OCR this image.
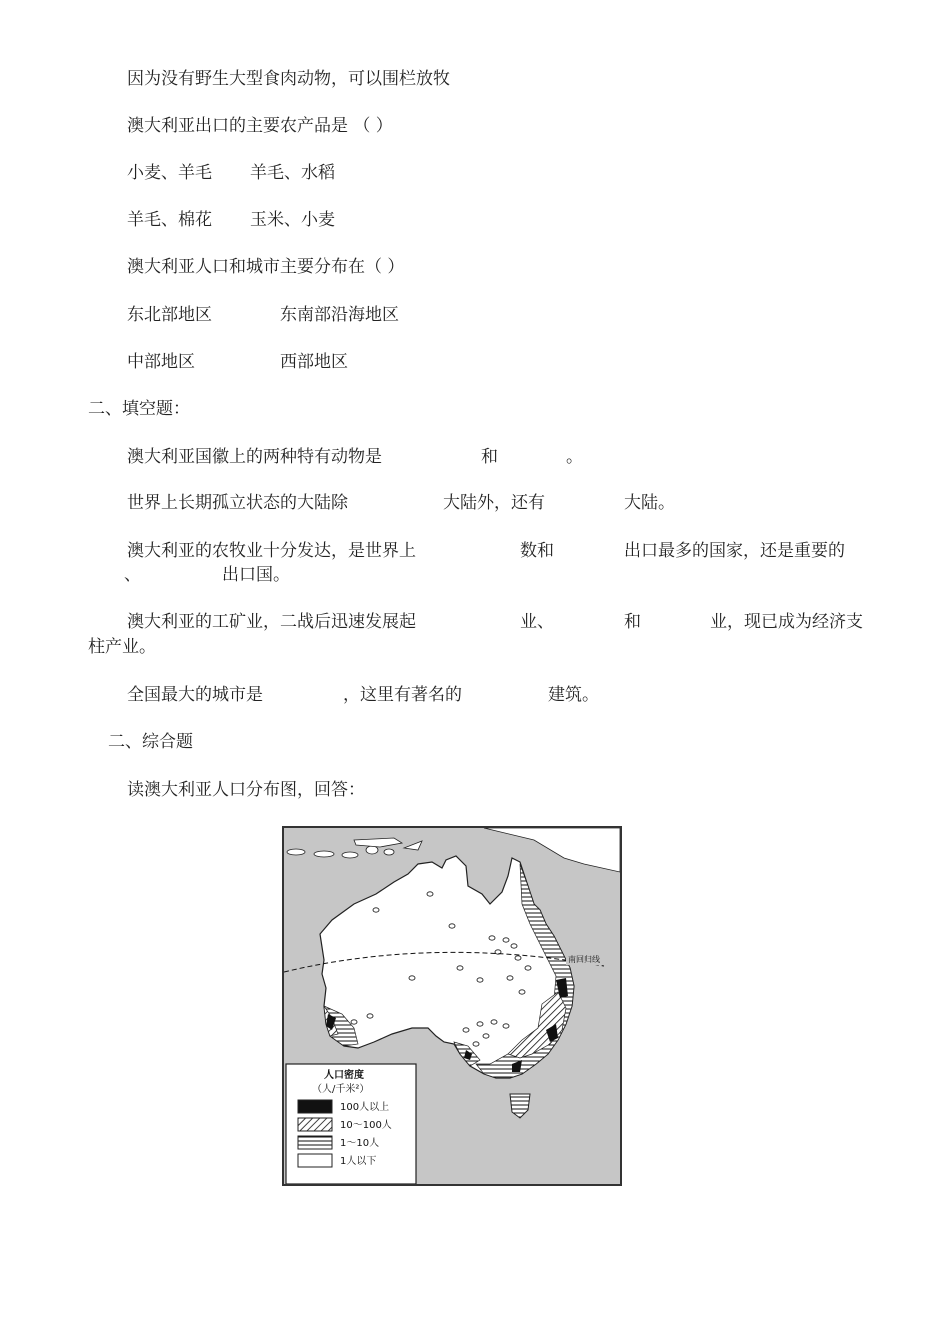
因为没有野生大型食肉动物，可以围栏放牧
澳大利亚出口的主要农产品是 （ ）
小麦、羊毛 羊毛、水稻
羊毛、棉花 玉米、小麦
澳大利亚人口和城市主要分布在（ ）
东北部地区	东南部沿海地区
中部地区	西部地区
二、填空题：
澳大利亚国徽上的两种特有动物是	和	。
世界上长期孤立状态的大陆除	大陆外，还有	大陆。
澳大利亚的农牧业十分发达，是世界上	数和	出口最多的国家，还是重要的
、	出口国。
澳大利亚的工矿业，二战后迅速发展起	业、	和	业，现已成为经济支
柱产业。
全国最大的城市是	，这里有著名的	建筑。
二、综合题
读澳大利亚人口分布图，回答：
南回归线
人口密度
（人/千米²）
100人以上
10～100人
1～10人
1人以下
